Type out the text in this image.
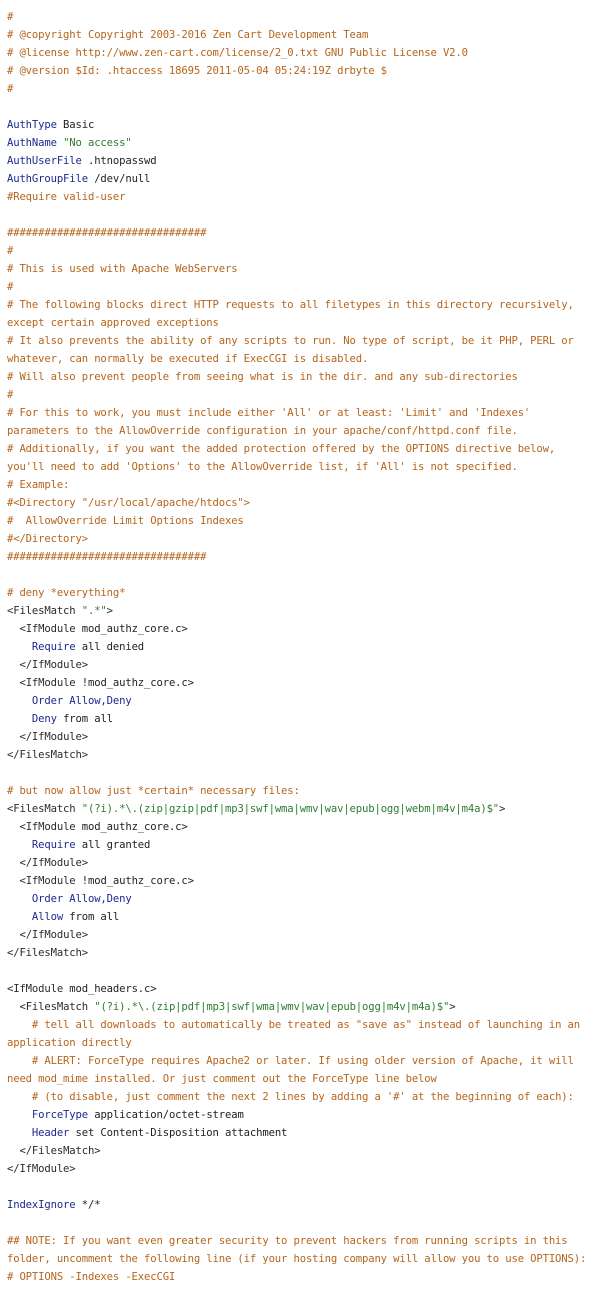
#
# @copyright Copyright 2003-2016 Zen Cart Development Team
# @license http://www.zen-cart.com/license/2_0.txt GNU Public License V2.0
# @version $Id: .htaccess 18695 2011-05-04 05:24:19Z drbyte $
#
AuthType Basic
AuthName "No access"
AuthUserFile .htnopasswd
AuthGroupFile /dev/null
#Require valid-user
################################
#
# This is used with Apache WebServers
#
# The following blocks direct HTTP requests to all filetypes in this directory recursively, except certain approved exceptions
# It also prevents the ability of any scripts to run. No type of script, be it PHP, PERL or whatever, can normally be executed if ExecCGI is disabled.
# Will also prevent people from seeing what is in the dir. and any sub-directories
#
# For this to work, you must include either 'All' or at least: 'Limit' and 'Indexes' parameters to the AllowOverride configuration in your apache/conf/httpd.conf file.
# Additionally, if you want the added protection offered by the OPTIONS directive below, you'll need to add 'Options' to the AllowOverride list, if 'All' is not specified.
# Example:
#<Directory "/usr/local/apache/htdocs">
#  AllowOverride Limit Options Indexes
#</Directory>
################################
# deny *everything*
<FilesMatch ".*">
<IfModule mod_authz_core.c>
Require all denied
</IfModule>
<IfModule !mod_authz_core.c>
Order Allow,Deny
Deny from all
</IfModule>
</FilesMatch>
# but now allow just *certain* necessary files:
<FilesMatch "(?i).*\.(zip|gzip|pdf|mp3|swf|wma|wmv|wav|epub|ogg|webm|m4v|m4a)$">
<IfModule mod_authz_core.c>
Require all granted
</IfModule>
<IfModule !mod_authz_core.c>
Order Allow,Deny
Allow from all
</IfModule>
</FilesMatch>
<IfModule mod_headers.c>
<FilesMatch "(?i).*\.(zip|pdf|mp3|swf|wma|wmv|wav|epub|ogg|m4v|m4a)$">
# tell all downloads to automatically be treated as "save as" instead of launching in an application directly
# ALERT: ForceType requires Apache2 or later. If using older version of Apache, it will need mod_mime installed. Or just comment out the ForceType line below
# (to disable, just comment the next 2 lines by adding a '#' at the beginning of each):
ForceType application/octet-stream
Header set Content-Disposition attachment
</FilesMatch>
</IfModule>
IndexIgnore */*
## NOTE: If you want even greater security to prevent hackers from running scripts in this folder, uncomment the following line (if your hosting company will allow you to use OPTIONS):
# OPTIONS -Indexes -ExecCGI
